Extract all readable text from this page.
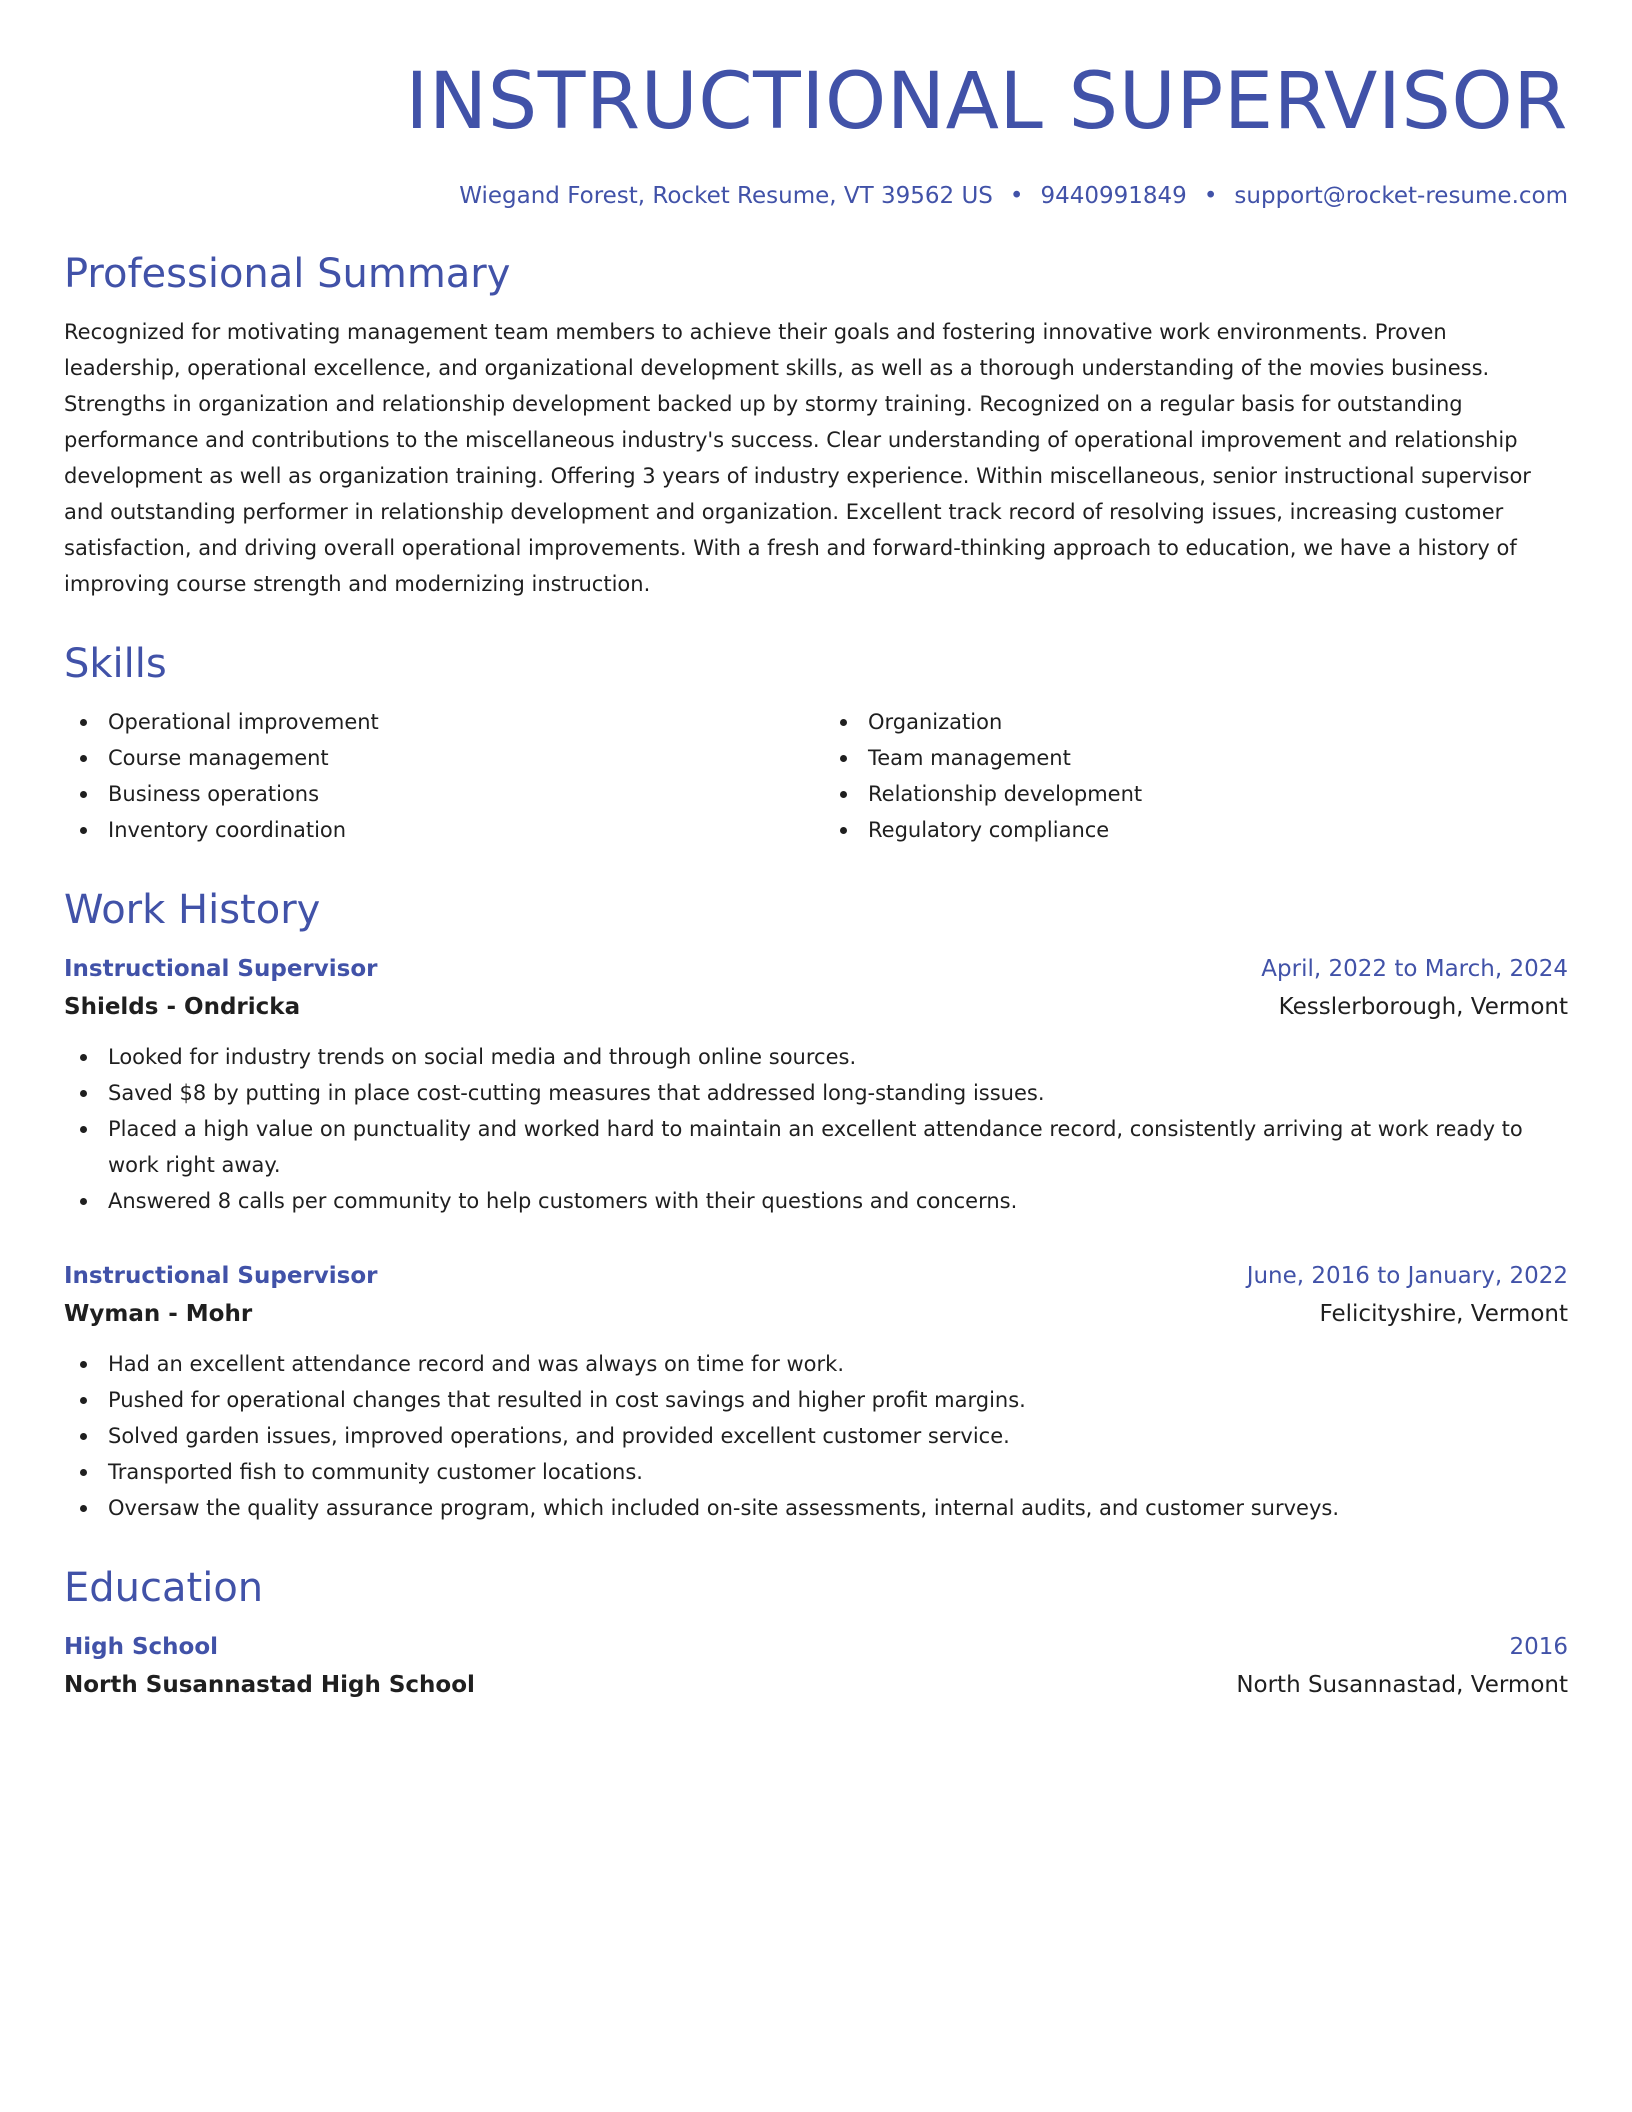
INSTRUCTIONAL SUPERVISOR
Wiegand Forest, Rocket Resume, VT 39562 US • 9440991849 • support@rocket-resume.com
Professional Summary

Recognized for motivating management team members to achieve their goals and fostering innovative work environments. Proven leadership, operational excellence, and organizational development skills, as well as a thorough understanding of the movies business. Strengths in organization and relationship development backed up by stormy training. Recognized on a regular basis for outstanding performance and contributions to the miscellaneous industry's success. Clear understanding of operational improvement and relationship development as well as organization training. Offering 3 years of industry experience. Within miscellaneous, senior instructional supervisor and outstanding performer in relationship development and organization. Excellent track record of resolving issues, increasing customer satisfaction, and driving overall operational improvements. With a fresh and forward-thinking approach to education, we have a history of improving course strength and modernizing instruction.

Skills
Operational improvement
Course management
Business operations
Inventory coordination
Organization
Team management
Relationship development
Regulatory compliance
Work History
Instructional Supervisor	April, 2022 to March, 2024
Shields - Ondricka	Kesslerborough, Vermont
Looked for industry trends on social media and through online sources.
Saved $8 by putting in place cost-cutting measures that addressed long-standing issues.
Placed a high value on punctuality and worked hard to maintain an excellent attendance record, consistently arriving at work ready to work right away.
Answered 8 calls per community to help customers with their questions and concerns.
Instructional Supervisor	June, 2016 to January, 2022
Wyman - Mohr	Felicityshire, Vermont
Had an excellent attendance record and was always on time for work.
Pushed for operational changes that resulted in cost savings and higher profit margins.
Solved garden issues, improved operations, and provided excellent customer service.
Transported fish to community customer locations.
Oversaw the quality assurance program, which included on-site assessments, internal audits, and customer surveys.
Education
High School	2016
North Susannastad High School	North Susannastad, Vermont
